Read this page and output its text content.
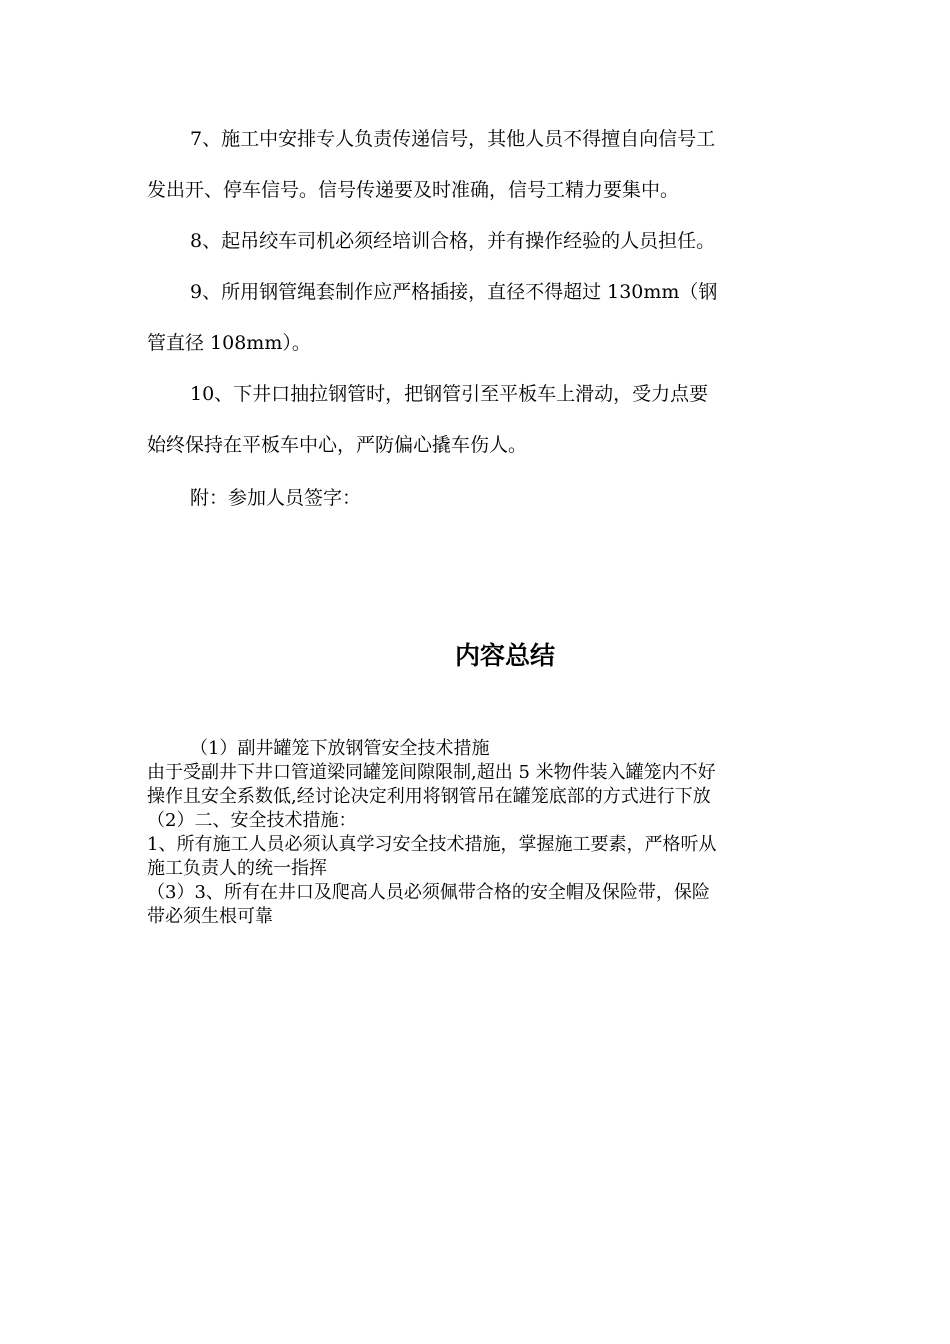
7、施工中安排专人负责传递信号，其他人员不得擅自向信号工

发出开、停车信号。信号传递要及时准确，信号工精力要集中。

8、起吊绞车司机必须经培训合格，并有操作经验的人员担任。

9、所用钢管绳套制作应严格插接，直径不得超过 130mm（钢

管直径 108mm）。

10、下井口抽拉钢管时，把钢管引至平板车上滑动，受力点要

始终保持在平板车中心，严防偏心撬车伤人。

附：参加人员签字：

内容总结

（1）副井罐笼下放钢管安全技术措施

由于受副井下井口管道梁同罐笼间隙限制,超出 5 米物件装入罐笼内不好

操作且安全系数低,经讨论决定利用将钢管吊在罐笼底部的方式进行下放

（2）二、安全技术措施：

1、所有施工人员必须认真学习安全技术措施，掌握施工要素，严格听从

施工负责人的统一指挥

（3）3、所有在井口及爬高人员必须佩带合格的安全帽及保险带，保险

带必须生根可靠
